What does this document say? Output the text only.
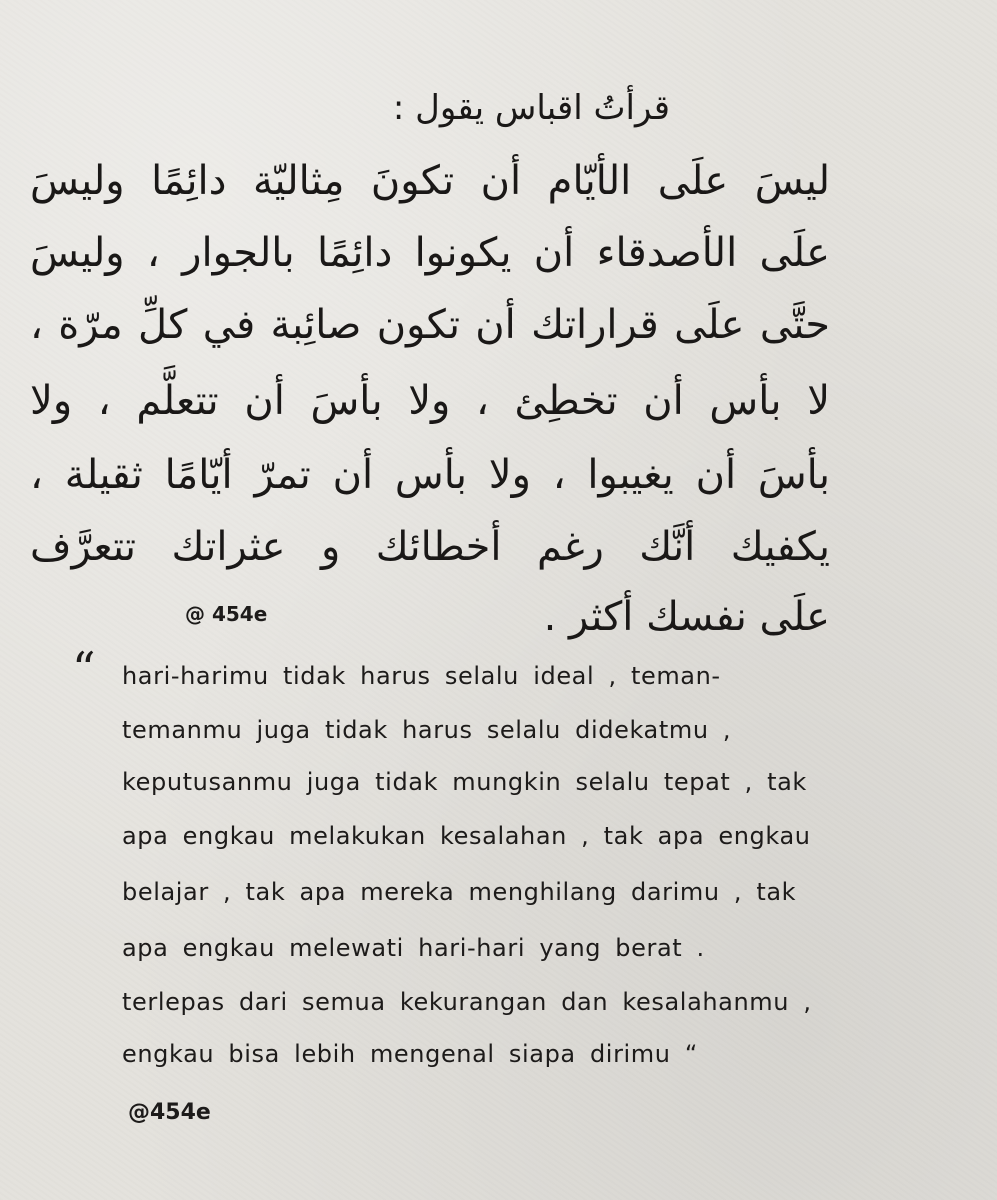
قرأتُ اقباس يقول :
ليسَ علَى الأيّام أن تكونَ مِثاليّة دائِمًا وليسَ
علَى الأصدقاء أن يكونوا دائِمًا بالجوار ، وليسَ
حتَّى علَى قراراتك أن تكون صائِبة في كلِّ مرّة ،
لا بأس أن تخطِئ ، ولا بأسَ أن تتعلَّم ، ولا
بأسَ أن يغيبوا ، ولا بأس أن تمرّ أيّامًا ثقيلة ،
يكفيك أنَّك رغم أخطائك و عثراتك تتعرَّف
علَى نفسك أكثر .
@ 454e
“ hari-harimu tidak harus selalu ideal , teman-
temanmu juga tidak harus selalu didekatmu ,
keputusanmu juga tidak mungkin selalu tepat , tak
apa engkau melakukan kesalahan , tak apa engkau
belajar , tak apa mereka menghilang darimu , tak
apa engkau melewati hari-hari yang berat .
terlepas dari semua kekurangan dan kesalahanmu ,
engkau bisa lebih mengenal siapa dirimu “
@454e
